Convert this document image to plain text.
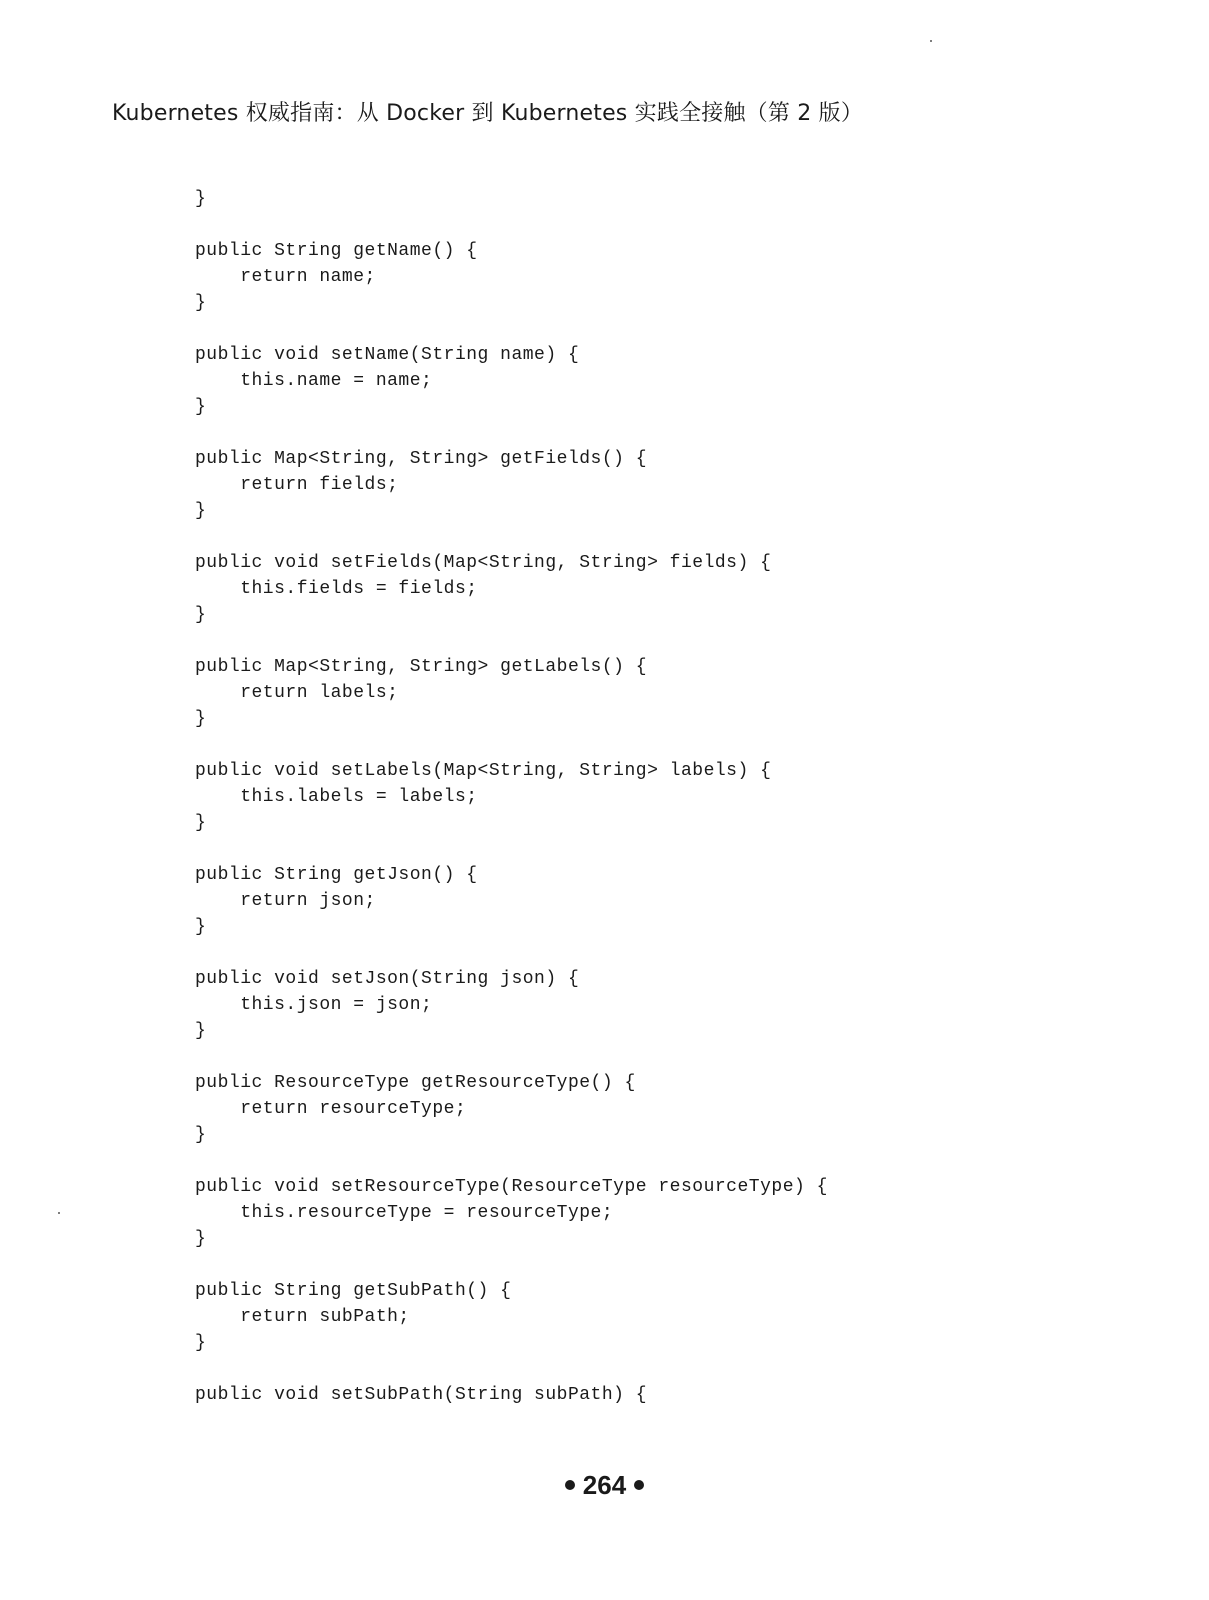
Kubernetes 权威指南：从 Docker 到 Kubernetes 实践全接触（第 2 版）
}
public String getName() {
return name;
}
public void setName(String name) {
this.name = name;
}
public Map<String, String> getFields() {
return fields;
}
public void setFields(Map<String, String> fields) {
this.fields = fields;
}
public Map<String, String> getLabels() {
return labels;
}
public void setLabels(Map<String, String> labels) {
this.labels = labels;
}
public String getJson() {
return json;
}
public void setJson(String json) {
this.json = json;
}
public ResourceType getResourceType() {
return resourceType;
}
public void setResourceType(ResourceType resourceType) {
this.resourceType = resourceType;
}
public String getSubPath() {
return subPath;
}
public void setSubPath(String subPath) {
264
